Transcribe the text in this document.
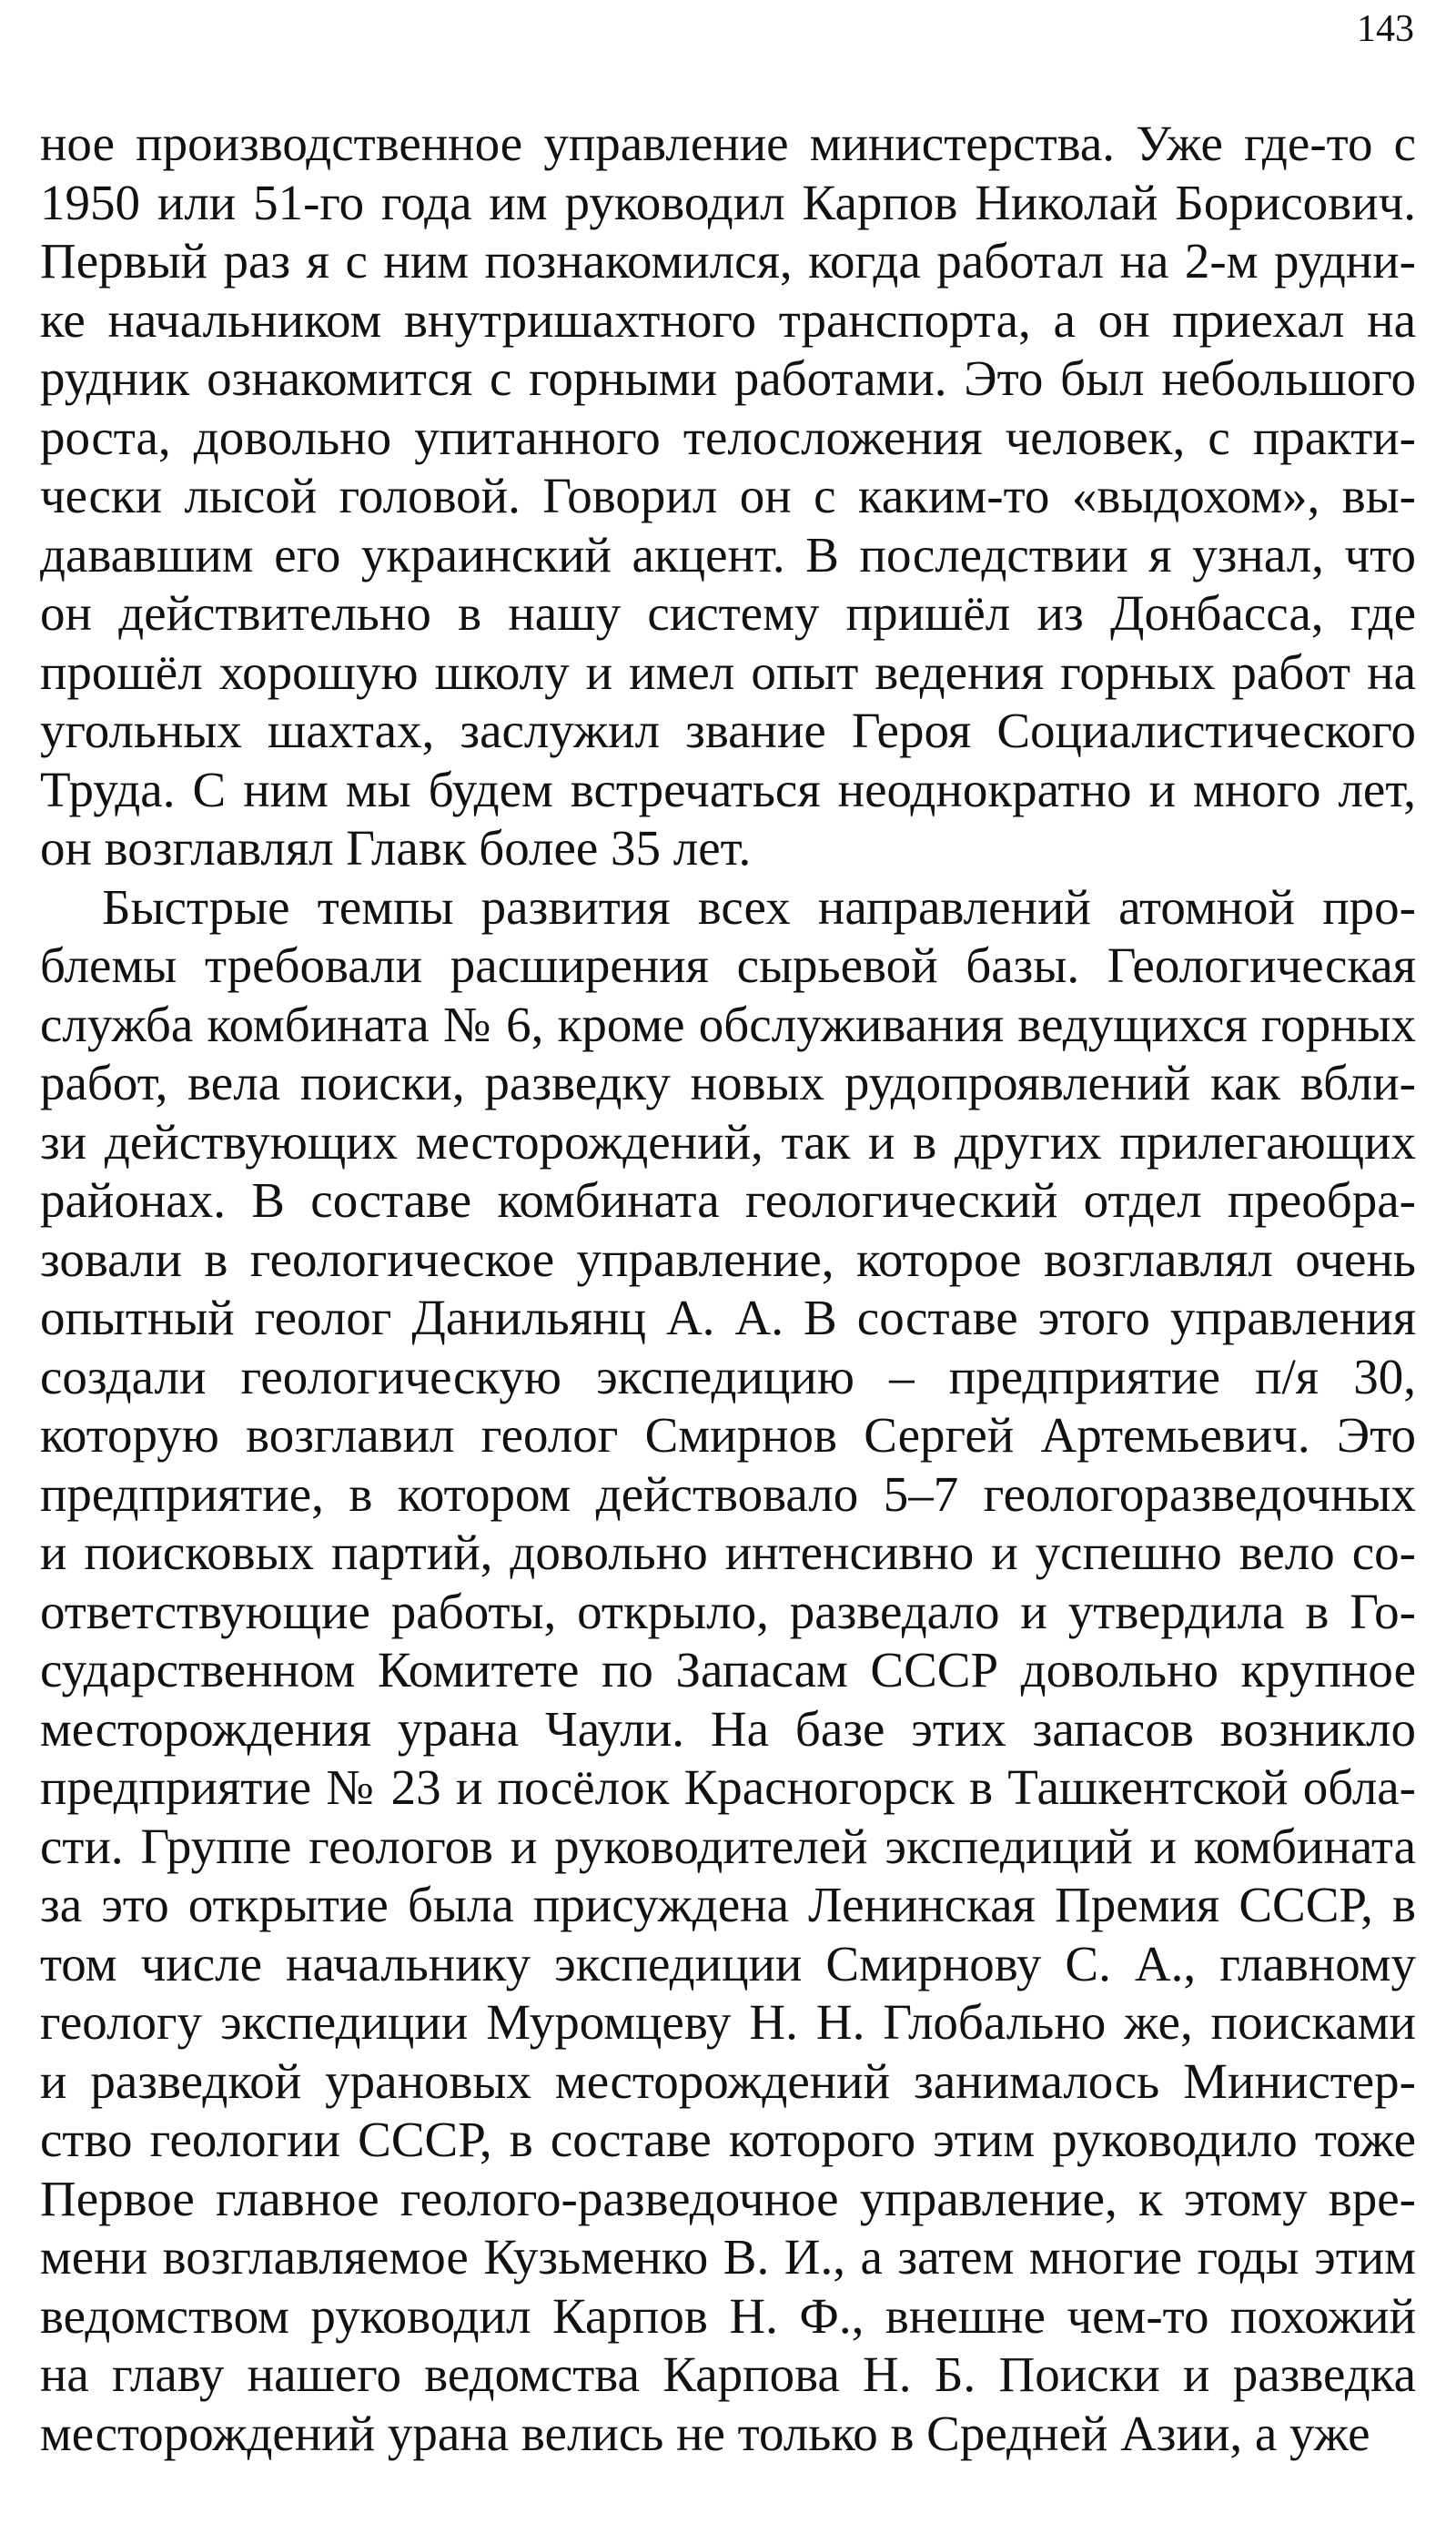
143
ное производственное управление министерства. Уже где-то с
1950 или 51-го года им руководил Карпов Николай Борисович.
Первый раз я с ним познакомился, когда работал на 2-м рудни-
ке начальником внутришахтного транспорта, а он приехал на
рудник ознакомится с горными работами. Это был небольшого
роста, довольно упитанного телосложения человек, с практи-
чески лысой головой. Говорил он с каким-то «выдохом», вы-
дававшим его украинский акцент. В последствии я узнал, что
он действительно в нашу систему пришёл из Донбасса, где
прошёл хорошую школу и имел опыт ведения горных работ на
угольных шахтах, заслужил звание Героя Социалистического
Труда. С ним мы будем встречаться неоднократно и много лет,
он возглавлял Главк более 35 лет.
Быстрые темпы развития всех направлений атомной про-
блемы требовали расширения сырьевой базы. Геологическая
служба комбината № 6, кроме обслуживания ведущихся горных
работ, вела поиски, разведку новых рудопроявлений как вбли-
зи действующих месторождений, так и в других прилегающих
районах. В составе комбината геологический отдел преобра-
зовали в геологическое управление, которое возглавлял очень
опытный геолог Данильянц А. А. В составе этого управления
создали геологическую экспедицию – предприятие п/я 30,
которую возглавил геолог Смирнов Сергей Артемьевич. Это
предприятие, в котором действовало 5–7 геологоразведочных
и поисковых партий, довольно интенсивно и успешно вело со-
ответствующие работы, открыло, разведало и утвердила в Го-
сударственном Комитете по Запасам СССР довольно крупное
месторождения урана Чаули. На базе этих запасов возникло
предприятие № 23 и посёлок Красногорск в Ташкентской обла-
сти. Группе геологов и руководителей экспедиций и комбината
за это открытие была присуждена Ленинская Премия СССР, в
том числе начальнику экспедиции Смирнову С. А., главному
геологу экспедиции Муромцеву Н. Н. Глобально же, поисками
и разведкой урановых месторождений занималось Министер-
ство геологии СССР, в составе которого этим руководило тоже
Первое главное геолого-разведочное управление, к этому вре-
мени возглавляемое Кузьменко В. И., а затем многие годы этим
ведомством руководил Карпов Н. Ф., внешне чем-то похожий
на главу нашего ведомства Карпова Н. Б. Поиски и разведка
месторождений урана велись не только в Средней Азии, а уже
